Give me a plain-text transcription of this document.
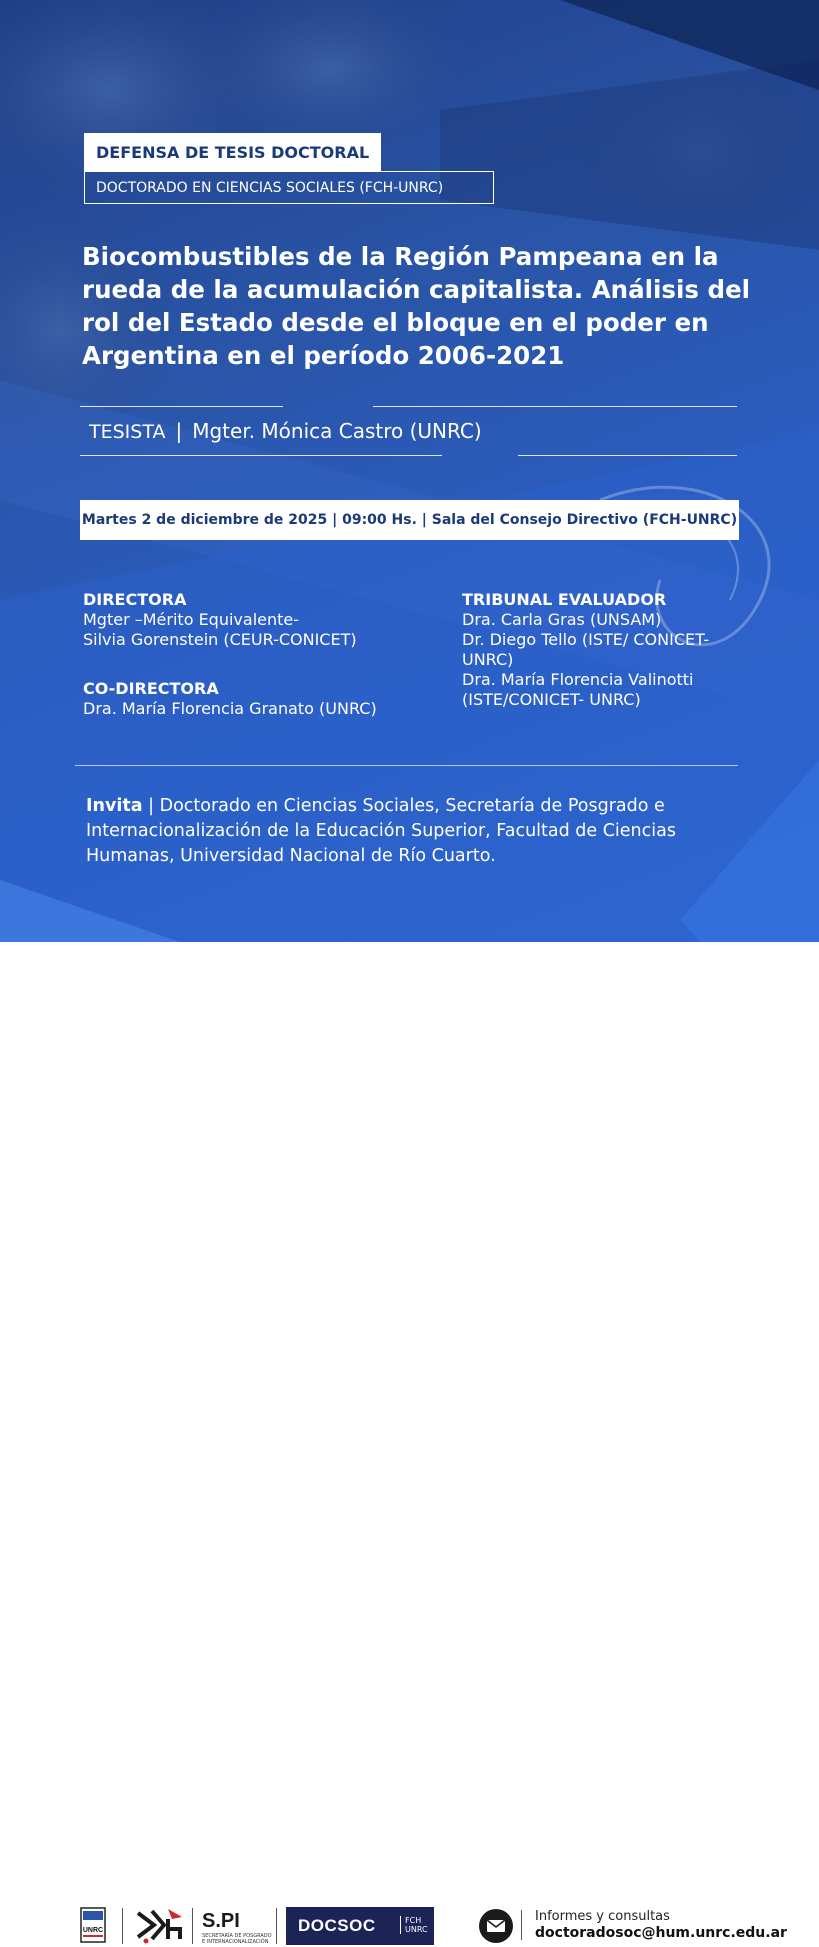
DEFENSA DE TESIS DOCTORAL
DOCTORADO EN CIENCIAS SOCIALES (FCH-UNRC)

Biocombustibles de la Región Pampeana en la rueda de la acumulación capitalista. Análisis del rol del Estado desde el bloque en el poder en Argentina en el período 2006-2021

TESISTA | Mgter. Mónica Castro (UNRC)
Martes 2 de diciembre de 2025 | 09:00 Hs. | Sala del Consejo Directivo (FCH-UNRC)
DIRECTORA
Mgter –Mérito Equivalente-
Silvia Gorenstein (CEUR-CONICET)
CO-DIRECTORA
Dra. María Florencia Granato (UNRC)
TRIBUNAL EVALUADOR
Dra. Carla Gras (UNSAM)
Dr. Diego Tello (ISTE/ CONICET-
UNRC)
Dra. María Florencia Valinotti
(ISTE/CONICET- UNRC)

Invita | Doctorado en Ciencias Sociales, Secretaría de Posgrado e Internacionalización de la Educación Superior, Facultad de Ciencias Humanas, Universidad Nacional de Río Cuarto.

UNRC	S.PI
SECRETARÍA DE POSGRADO E INTERNACIONALIZACIÓN
DOCSOC	FCH
UNRC
Informes y consultas
doctoradosoc@hum.unrc.edu.ar
